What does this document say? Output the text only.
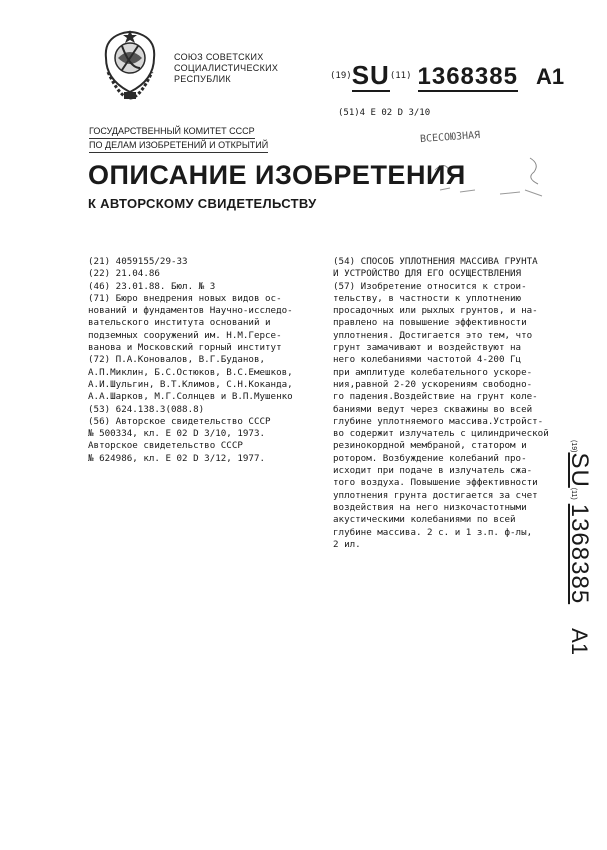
СОЮЗ СОВЕТСКИХ
СОЦИАЛИСТИЧЕСКИХ
РЕСПУБЛИК	$^{(19)}$SU$^{(11)}$ 1368385 A1
(51)4 Е 02 D 3/10
ГОСУДАРСТВЕННЫЙ КОМИТЕТ СССР
ПО ДЕЛАМ ИЗОБРЕТЕНИЙ И ОТКРЫТИЙ	ВСЕСОЮЗНАЯ
ОПИСАНИЕ ИЗОБРЕТЕНИЯ
К АВТОРСКОМУ СВИДЕТЕЛЬСТВУ
(21) 4059155/29-33
(22) 21.04.86
(46) 23.01.88. Бюл. № 3
(71) Бюро внедрения новых видов ос-
нований и фундаментов Научно-исследо-
вательского института оснований и
подземных сооружений им. Н.М.Герсе-
ванова и Московский горный институт
(72) П.А.Коновалов, В.Г.Буданов,
А.П.Миклин, Б.С.Остюков, В.С.Емешков,
А.И.Шульгин, В.Т.Климов, С.Н.Коканда,
А.А.Шарков, М.Г.Солнцев и В.П.Мушенко
(53) 624.138.3(088.8)
(56) Авторское свидетельство СССР
№ 500334, кл. Е 02 D 3/10, 1973.
Авторское свидетельство СССР
№ 624986, кл. Е 02 D 3/12, 1977.
(54) СПОСОБ УПЛОТНЕНИЯ МАССИВА ГРУНТА
И УСТРОЙСТВО ДЛЯ ЕГО ОСУЩЕСТВЛЕНИЯ
(57) Изобретение относится к строи-
тельству, в частности к уплотнению
просадочных или рыхлых грунтов, и на-
правлено на повышение эффективности
уплотнения. Достигается это тем, что
грунт замачивают и воздействуют на
него колебаниями частотой 4-200 Гц
при амплитуде колебательного ускоре-
ния,равной 2-20 ускорениям свободно-
го падения.Воздействие на грунт коле-
баниями ведут через скважины во всей
глубине уплотняемого массива.Устройст-
во содержит излучатель с цилиндрической
резинокордной мембраной, статором и
ротором. Возбуждение колебаний про-
исходит при подаче в излучатель сжа-
того воздуха. Повышение эффективности
уплотнения грунта достигается за счет
воздействия на него низкочастотными
акустическими колебаниями по всей
глубине массива. 2 с. и 1 з.п. ф-лы,
2 ил.
(19)SU(11)1368385A1
